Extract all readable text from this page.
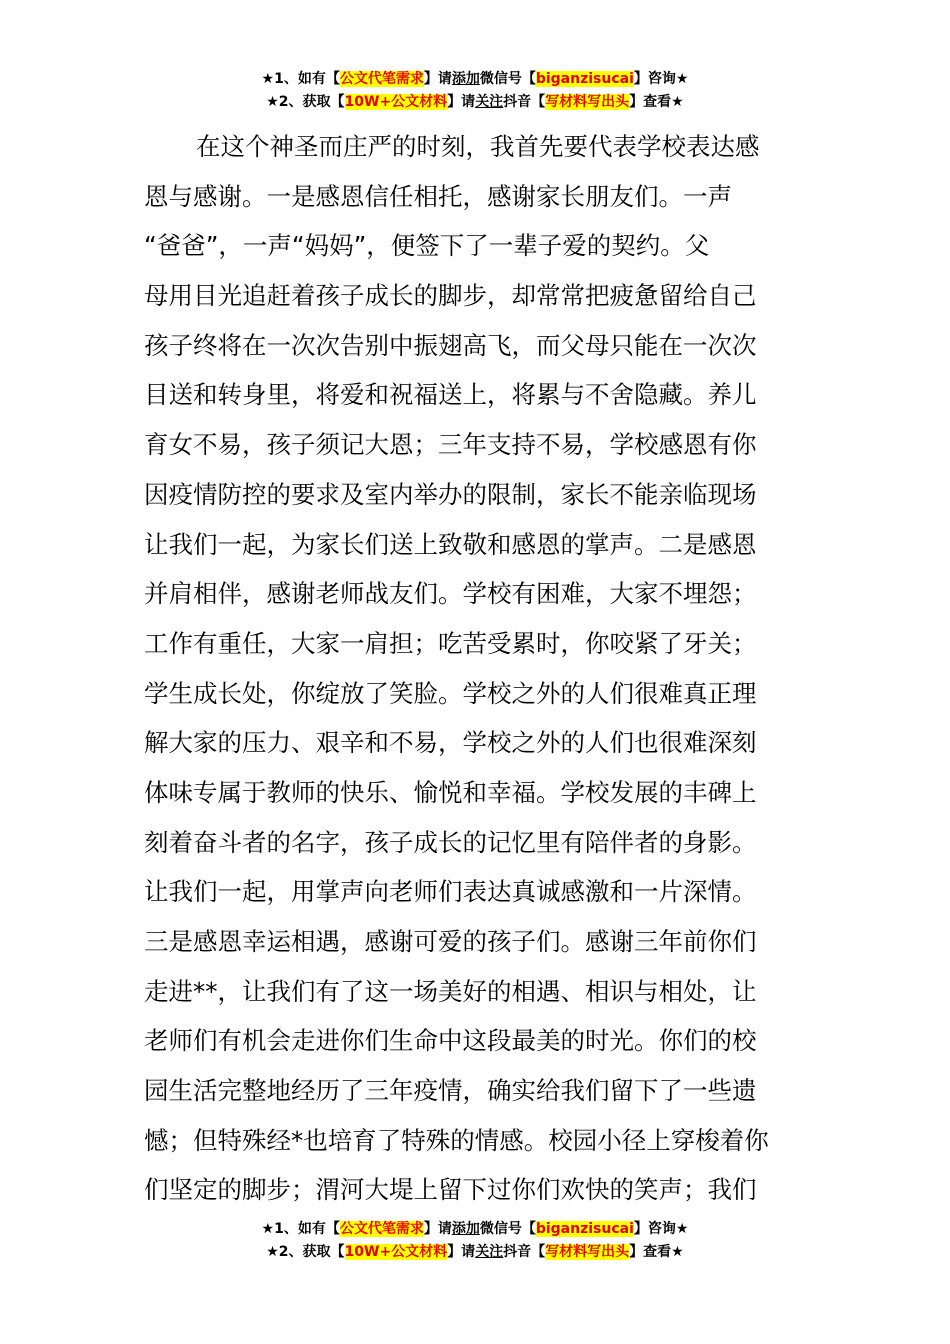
★1、如有【公文代笔需求】请添加微信号【biganzisucai】咨询★
★2、获取【10W+公文材料】请关注抖音【写材料写出头】查看★
在这个神圣而庄严的时刻，我首先要代表学校表达感
恩与感谢。一是感恩信任相托，感谢家长朋友们。一声
“爸爸”，一声“妈妈”，便签下了一辈子爱的契约。父
母用目光追赶着孩子成长的脚步，却常常把疲惫留给自己
孩子终将在一次次告别中振翅高飞，而父母只能在一次次
目送和转身里，将爱和祝福送上，将累与不舍隐藏。养儿
育女不易，孩子须记大恩；三年支持不易，学校感恩有你
因疫情防控的要求及室内举办的限制，家长不能亲临现场
让我们一起，为家长们送上致敬和感恩的掌声。二是感恩
并肩相伴，感谢老师战友们。学校有困难，大家不埋怨；
工作有重任，大家一肩担；吃苦受累时，你咬紧了牙关；
学生成长处，你绽放了笑脸。学校之外的人们很难真正理
解大家的压力、艰辛和不易，学校之外的人们也很难深刻
体味专属于教师的快乐、愉悦和幸福。学校发展的丰碑上
刻着奋斗者的名字，孩子成长的记忆里有陪伴者的身影。
让我们一起，用掌声向老师们表达真诚感激和一片深情。
三是感恩幸运相遇，感谢可爱的孩子们。感谢三年前你们
走进**，让我们有了这一场美好的相遇、相识与相处，让
老师们有机会走进你们生命中这段最美的时光。你们的校
园生活完整地经历了三年疫情，确实给我们留下了一些遗
憾；但特殊经*也培育了特殊的情感。校园小径上穿梭着你
们坚定的脚步；渭河大堤上留下过你们欢快的笑声；我们
★1、如有【公文代笔需求】请添加微信号【biganzisucai】咨询★
★2、获取【10W+公文材料】请关注抖音【写材料写出头】查看★
